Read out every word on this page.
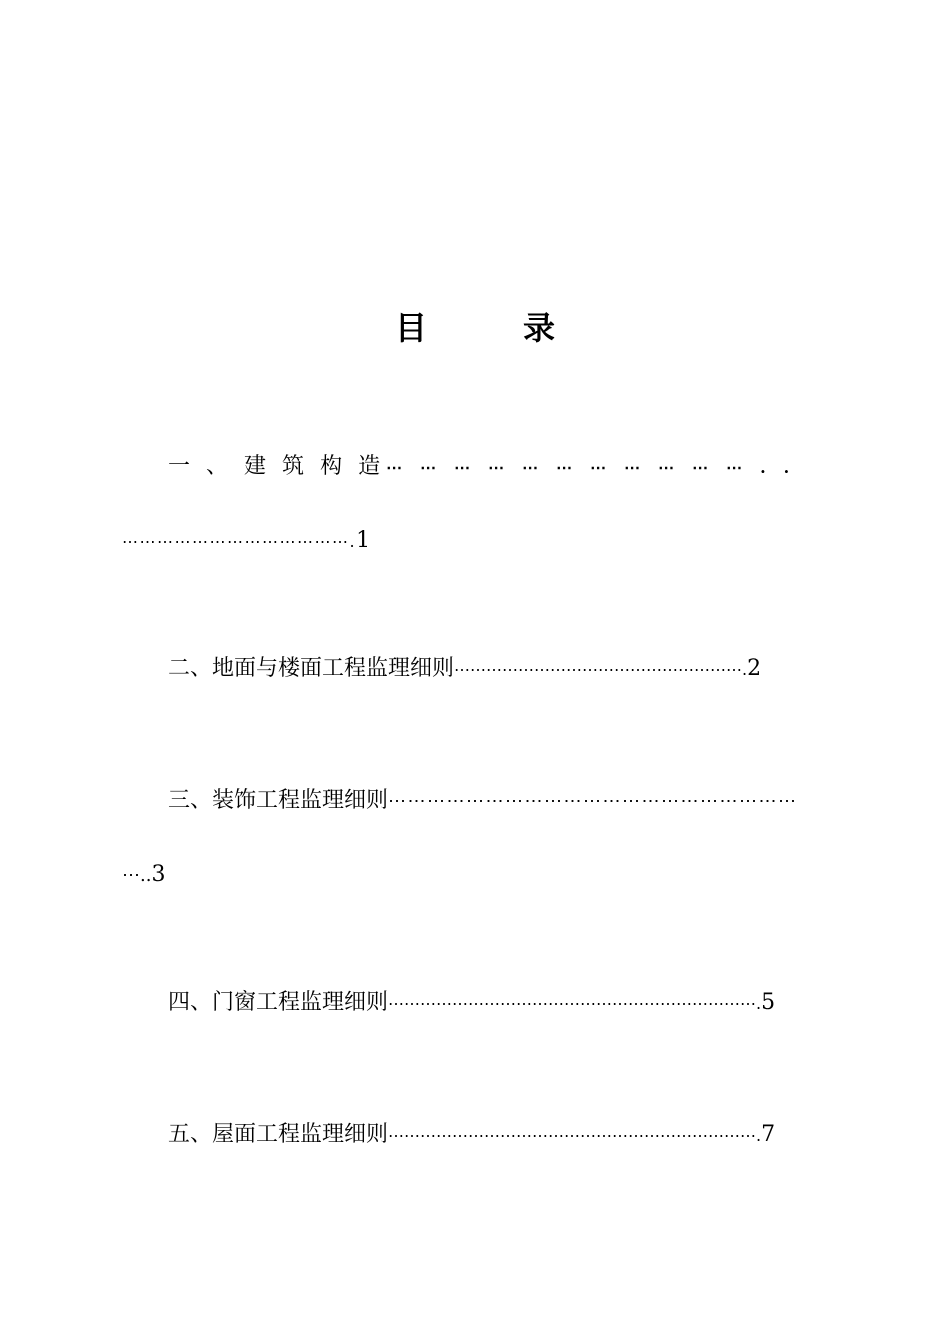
目	录
一 、 建 筑 构 造 ⋯⋯⋯⋯⋯⋯⋯⋯⋯⋯⋯..
⋯⋯⋯⋯⋯⋯⋯⋯⋯⋯⋯⋯⋯.1
二、地面与楼面工程监理细则⋯⋯⋯⋯⋯⋯⋯⋯⋯⋯⋯⋯⋯⋯⋯⋯⋯⋯.2
三、装饰工程监理细则⋯⋯⋯⋯⋯⋯⋯⋯⋯⋯⋯⋯⋯⋯⋯⋯⋯⋯⋯⋯⋯
⋯..3
四、门窗工程监理细则⋯⋯⋯⋯⋯⋯⋯⋯⋯⋯⋯⋯⋯⋯⋯⋯⋯⋯⋯⋯⋯⋯⋯.5
五、屋面工程监理细则⋯⋯⋯⋯⋯⋯⋯⋯⋯⋯⋯⋯⋯⋯⋯⋯⋯⋯⋯⋯⋯⋯⋯.7
